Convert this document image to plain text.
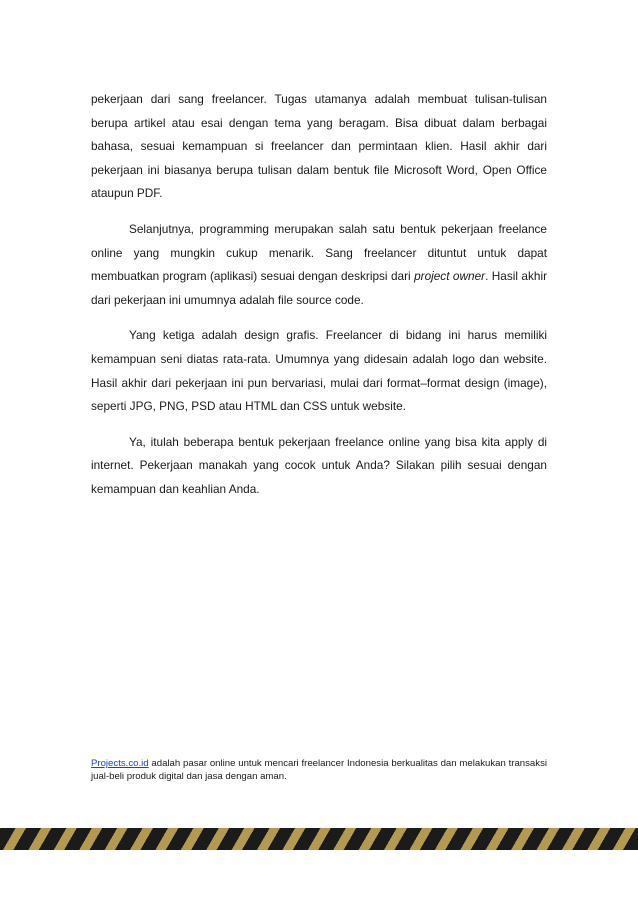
pekerjaan dari sang freelancer. Tugas utamanya adalah membuat tulisan-tulisan berupa artikel atau esai dengan tema yang beragam. Bisa dibuat dalam berbagai bahasa, sesuai kemampuan si freelancer dan permintaan klien. Hasil akhir dari pekerjaan ini biasanya berupa tulisan dalam bentuk file Microsoft Word, Open Office ataupun PDF.

Selanjutnya, programming merupakan salah satu bentuk pekerjaan freelance online yang mungkin cukup menarik. Sang freelancer dituntut untuk dapat membuatkan program (aplikasi) sesuai dengan deskripsi dari project owner. Hasil akhir dari pekerjaan ini umumnya adalah file source code.

Yang ketiga adalah design grafis. Freelancer di bidang ini harus memiliki kemampuan seni diatas rata-rata. Umumnya yang didesain adalah logo dan website. Hasil akhir dari pekerjaan ini pun bervariasi, mulai dari format–format design (image), seperti JPG, PNG, PSD atau HTML dan CSS untuk website.

Ya, itulah beberapa bentuk pekerjaan freelance online yang bisa kita apply di internet. Pekerjaan manakah yang cocok untuk Anda? Silakan pilih sesuai dengan kemampuan dan keahlian Anda.

Projects.co.id adalah pasar online untuk mencari freelancer Indonesia berkualitas dan melakukan transaksi jual-beli produk digital dan jasa dengan aman.
